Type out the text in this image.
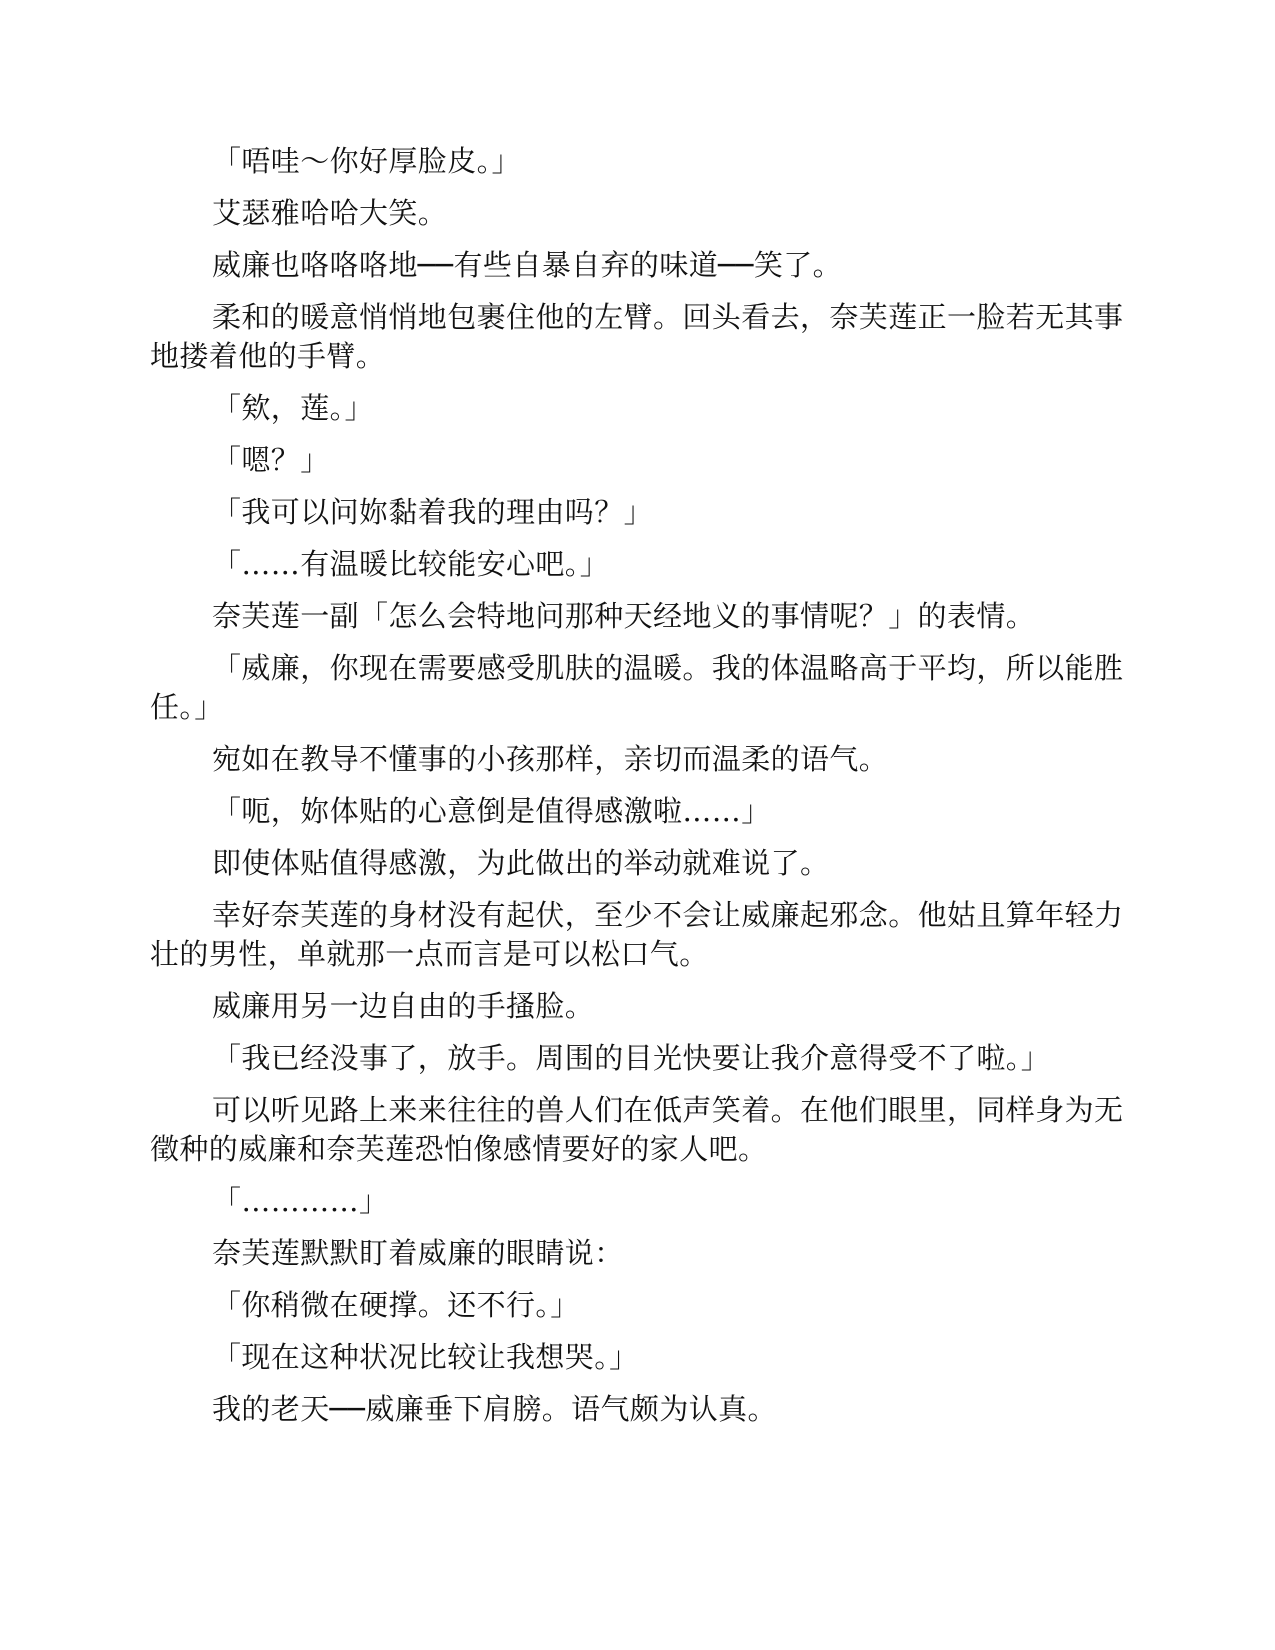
「唔哇～你好厚脸皮。」

艾瑟雅哈哈大笑。

威廉也咯咯咯地──有些自暴自弃的味道──笑了。

柔和的暖意悄悄地包裹住他的左臂。回头看去，奈芙莲正一脸若无其事地搂着他的手臂。

「欸，莲。」

「嗯？」

「我可以问妳黏着我的理由吗？」

「……有温暖比较能安心吧。」

奈芙莲一副「怎么会特地问那种天经地义的事情呢？」的表情。

「威廉，你现在需要感受肌肤的温暖。我的体温略高于平均，所以能胜任。」

宛如在教导不懂事的小孩那样，亲切而温柔的语气。

「呃，妳体贴的心意倒是值得感激啦……」

即使体贴值得感激，为此做出的举动就难说了。

幸好奈芙莲的身材没有起伏，至少不会让威廉起邪念。他姑且算年轻力壮的男性，单就那一点而言是可以松口气。

威廉用另一边自由的手搔脸。

「我已经没事了，放手。周围的目光快要让我介意得受不了啦。」

可以听见路上来来往往的兽人们在低声笑着。在他们眼里，同样身为无徵种的威廉和奈芙莲恐怕像感情要好的家人吧。

「…………」

奈芙莲默默盯着威廉的眼睛说：

「你稍微在硬撑。还不行。」

「现在这种状况比较让我想哭。」

我的老天──威廉垂下肩膀。语气颇为认真。
